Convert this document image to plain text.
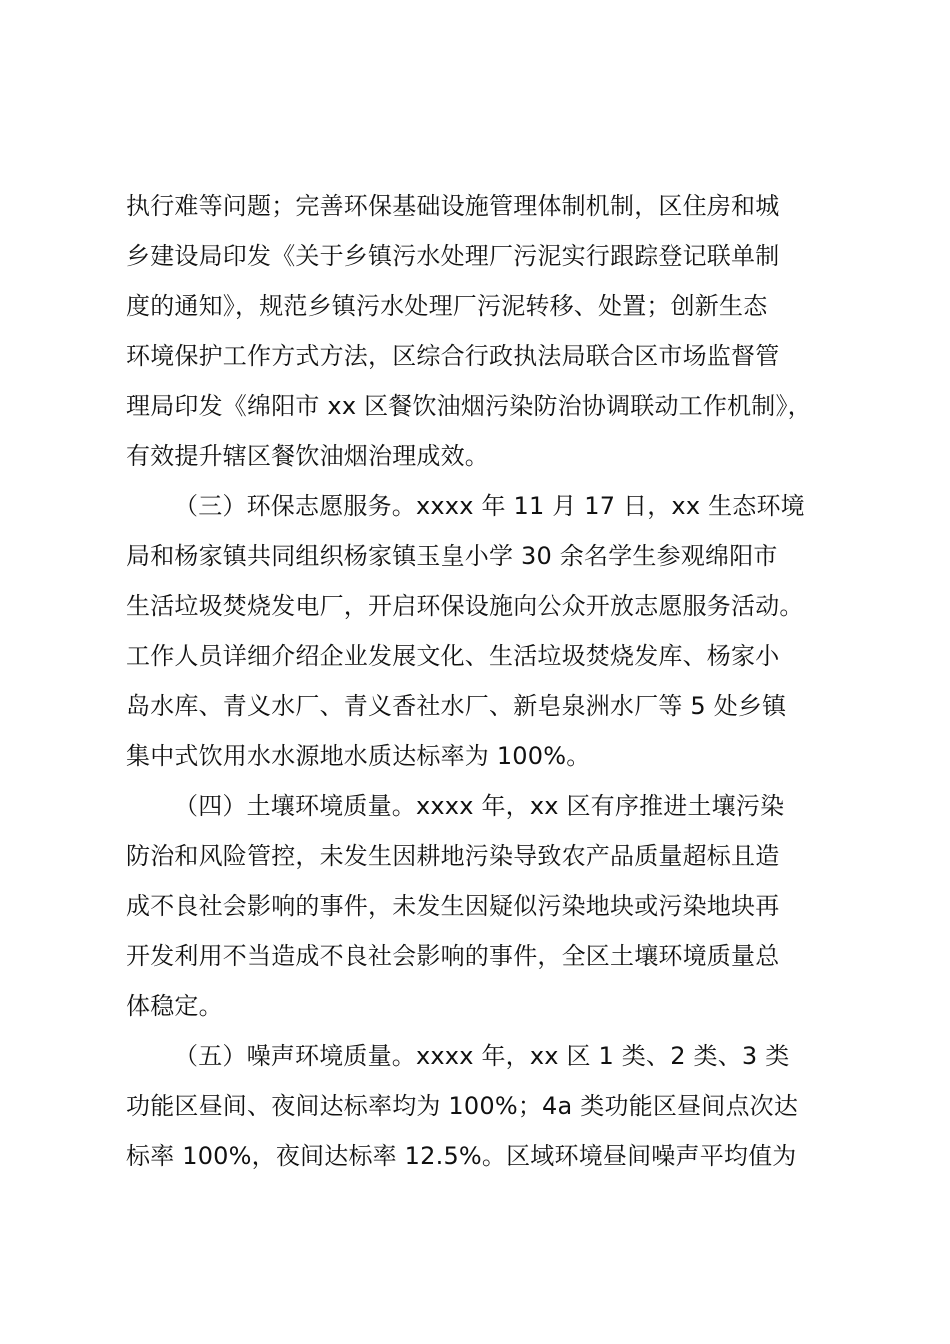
执行难等问题；完善环保基础设施管理体制机制，区住房和城
乡建设局印发《关于乡镇污水处理厂污泥实行跟踪登记联单制
度的通知》，规范乡镇污水处理厂污泥转移、处置；创新生态
环境保护工作方式方法，区综合行政执法局联合区市场监督管
理局印发《绵阳市 xx 区餐饮油烟污染防治协调联动工作机制》，
有效提升辖区餐饮油烟治理成效。
（三）环保志愿服务。xxxx 年 11 月 17 日，xx 生态环境
局和杨家镇共同组织杨家镇玉皇小学 30 余名学生参观绵阳市
生活垃圾焚烧发电厂，开启环保设施向公众开放志愿服务活动。
工作人员详细介绍企业发展文化、生活垃圾焚烧发库、杨家小
岛水库、青义水厂、青义香社水厂、新皂泉洲水厂等 5 处乡镇
集中式饮用水水源地水质达标率为 100%。
（四）土壤环境质量。xxxx 年，xx 区有序推进土壤污染
防治和风险管控，未发生因耕地污染导致农产品质量超标且造
成不良社会影响的事件，未发生因疑似污染地块或污染地块再
开发利用不当造成不良社会影响的事件，全区土壤环境质量总
体稳定。
（五）噪声环境质量。xxxx 年，xx 区 1 类、2 类、3 类
功能区昼间、夜间达标率均为 100%；4a 类功能区昼间点次达
标率 100%，夜间达标率 12.5%。区域环境昼间噪声平均值为
